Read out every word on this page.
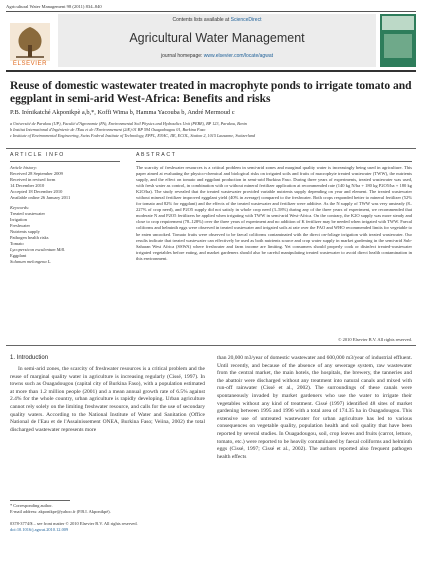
Agricultural Water Management 98 (2011) 834–840
ELSEVIER
Contents lists available at ScienceDirect
Agricultural Water Management
journal homepage: www.elsevier.com/locate/agwat
Reuse of domestic wastewater treated in macrophyte ponds to irrigate tomato and eggplant in semi-arid West-Africa: Benefits and risks
P.B. Irénikatché Akponikpè a,b,*, Koffi Wima b, Hamma Yacouba b, André Mermoud c
a Université de Parakou (UP), Faculté d'Agronomie (FA), Environmental Soil Physics and Hydraulics Unit (PEBE), BP 123, Parakou, Benin
b Institut International d'Ingénierie de l'Eau et de l'Environnement (2iE) 01 BP 594 Ouagadougou 01, Burkina Faso
c Institute of Environmental Engineering, Swiss Federal Institute of Technology, EPFL, ENAC, IIE, ECOL, Station 2, 1015 Lausanne, Switzerland
ARTICLE INFO	ABSTRACT
Article history:
Received 28 September 2009
Received in revised form
14 December 2010
Accepted 18 December 2010
Available online 26 January 2011
Keywords:
Treated wastewater
Irrigation
Freshwater
Nutrients supply
Pathogen health risks
Tomato
Lycopersicon esculentum Mill.
Eggplant
Solanum melongena L.
The scarcity of freshwater resources is a critical problem in semi-arid zones and marginal quality water is increasingly being used in agriculture. This paper aimed at evaluating the physico-chemical and biological risks on irrigated soils and fruits of macrophyte treated wastewater (TWW), the nutrients supply, and the effect on tomato and eggplant production in semi-arid Burkina Faso. During three years of experiments, treated wastewater was used, with fresh water as control, in combination with or without mineral fertilizer application at recommended rate (140 kg N/ha + 180 kg P2O5/ha + 180 kg K2O/ha). The study revealed that the treated wastewater provided variable nutrients supply depending on year and element. The treated wastewater without mineral fertilizer improved eggplant yield (40% in average) compared to the freshwater. Both crops responded better to mineral fertilizer (52% for tomato and 82% for eggplant) and the effects of the treated wastewater and fertilizer were additive. As the N supply of TWW was very unsteady (8–227% of crop need), and P2O5 supply did not satisfy in whole crop need (3–58%) during any of the three years of experiment, we recommended that moderate N and P2O5 fertilizers be applied when irrigating with TWW in semi-arid West-Africa. On the contrary, the K2O supply was more steady and close to crop requirement (78–128%) over the three years of experiment and no addition of K fertilizer may be needed when irrigated with TWW. Faecal coliforms and helminth eggs were observed in treated wastewater and irrigated soils at rate over the FAO and WHO recommended limits for vegetable to be eaten uncooked. Tomato fruits were observed to be faecal coliforms contaminated with the direct on-foliage irrigation with treated wastewater. Our results indicate that treated wastewater can effectively be used as both nutrients source and crop water supply in market gardening in the semi-arid Sub-Saharan West Africa (SSWA) where freshwater and farm income are limiting. Yet consumers should properly cook or disinfect treated-wastewater irrigated vegetables before eating, and market gardeners should also be careful manipulating treated wastewater to avoid direct health contamination in this environment.
© 2010 Elsevier B.V. All rights reserved.
1. Introduction
In semi-arid zones, the scarcity of freshwater resources is a critical problem and the reuse of marginal quality water in agriculture is increasing regularly (Cissé, 1997). In towns such as Ouagadougou (capital city of Burkina Faso), with a population estimated at more than 1.2 million people (2001) and a mean annual growth rate of 6.5% against 2.4% for the whole country, urban agriculture is rapidly developing. Urban agriculture cannot rely solely on the limiting freshwater resource, and calls for the use of secondary quality waters. According to the National Institute of Water and Sanitation (Office National de l'Eau et de l'Assainissement ONEA, Burkina Faso; Veiina, 2002) the total discharged wastewater represents more
than 20,000 m3/year of domestic wastewater and 600,000 m3/year of industrial effluent. Until recently, and because of the absence of any sewerage system, raw wastewater from the central market, the main hotels, the hospitals, the brewery, the tanneries and the abattoir were discharged without any treatment into natural canals and mixed with run-off rainwater (Cissé et al., 2002). The surroundings of these canals were spontaneously invaded by market gardeners who use the water to irrigate their vegetables without any kind of treatment. Cissé (1997) identified 48 sites of market gardening between 1995 and 1996 with a total area of 174.35 ha in Ouagadougou. This extensive use of untreated wastewater for urban agriculture has led to various consequences on vegetable quality, population health and soil quality that have been reported by several studies. In Ouagadougou, soil, crop leaves and fruits (carrot, lettuce, tomato, etc.) were reported to be heavily contaminated by faecal coliforms and helminth eggs (Cissé, 1997; Cissé et al., 2002). The authors reported also frequent pathogen health effects
* Corresponding author.
E-mail address: akponikpe@yahoo.fr (P.B.I. Akponikpè).
0378-3774/$ – see front matter © 2010 Elsevier B.V. All rights reserved.
doi:10.1016/j.agwat.2010.12.009
